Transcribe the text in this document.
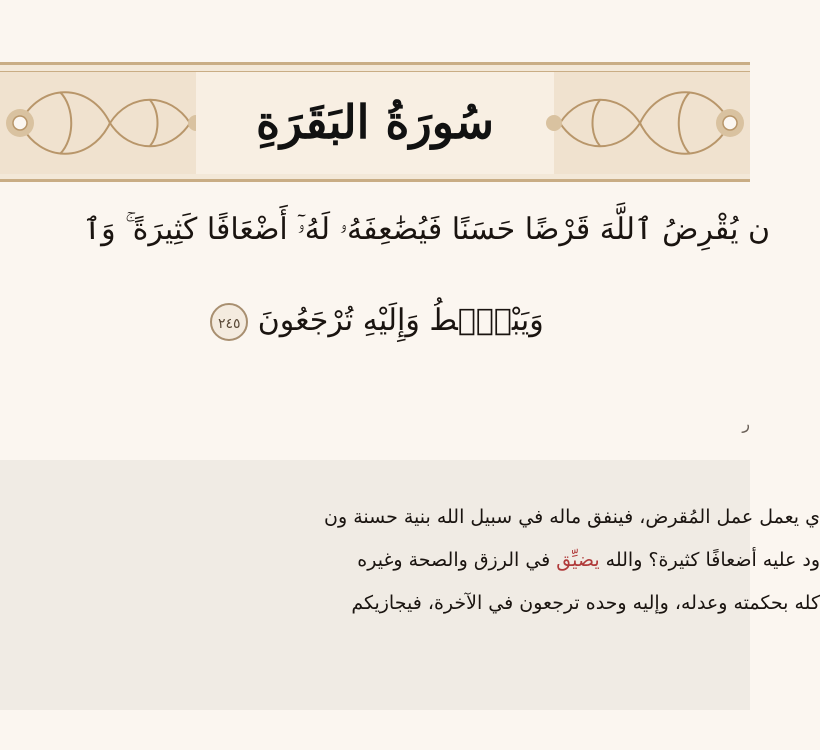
سُورَةُ البَقَرَةِ
ن يُقْرِضُ ٱللَّهَ قَرْضًا حَسَنًا فَيُضَٰعِفَهُۥ لَهُۥٓ أَضْعَافًا كَثِيرَةً ۚ وَٱ
وَيَبْصُۜطُ وَإِلَيْهِ تُرْجَعُونَ ٢٤٥
ر
ي يعمل عمل المُقرض، فينفق ماله في سبيل الله بنية حسنة ون
ود عليه أضعافًا كثيرة؟ والله يضيِّق في الرزق والصحة وغيره
كله بحكمته وعدله، وإليه وحده ترجعون في الآخرة، فيجازيكم
